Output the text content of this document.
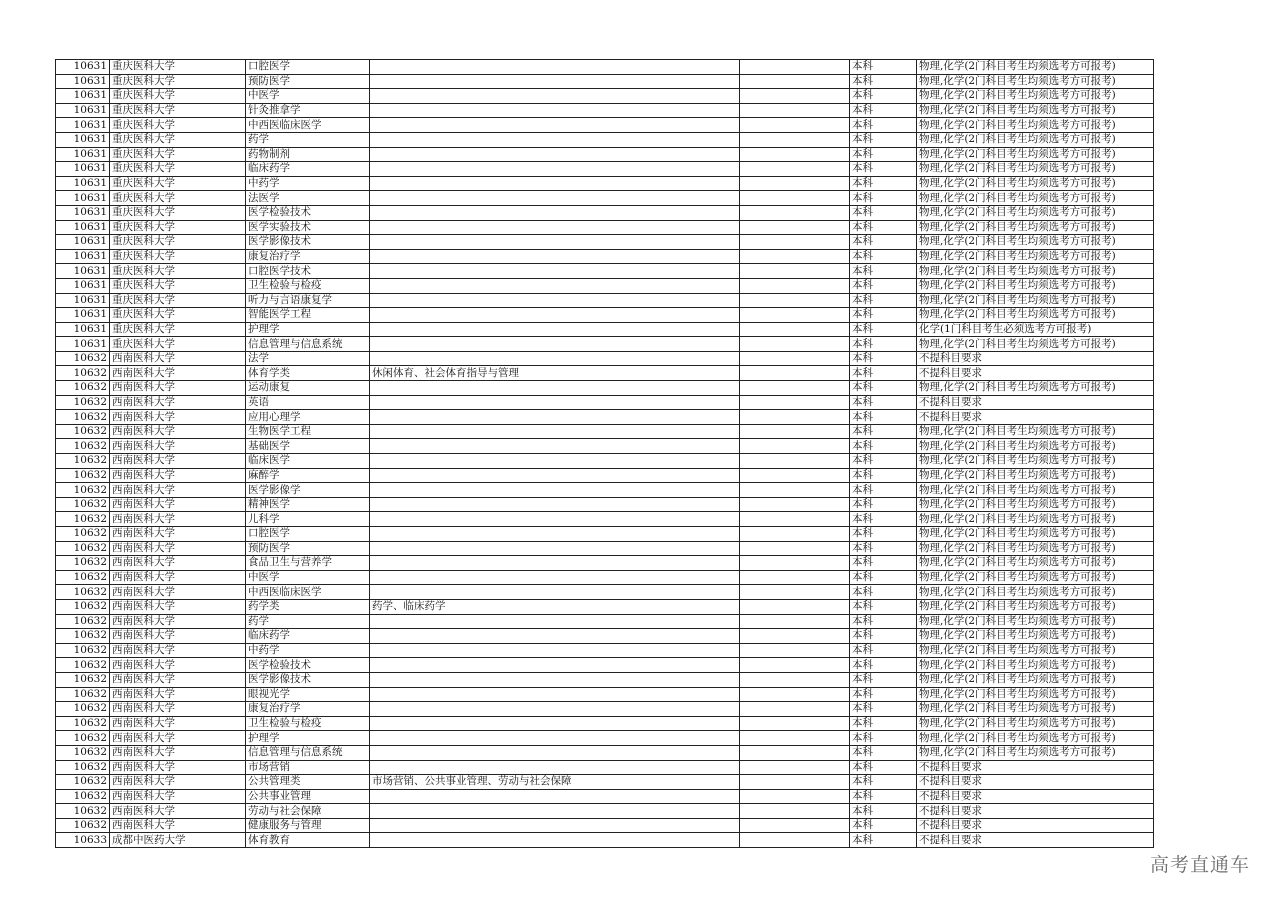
10631	重庆医科大学	口腔医学			本科	物理,化学(2门科目考生均须选考方可报考)
10631	重庆医科大学	预防医学			本科	物理,化学(2门科目考生均须选考方可报考)
10631	重庆医科大学	中医学			本科	物理,化学(2门科目考生均须选考方可报考)
10631	重庆医科大学	针灸推拿学			本科	物理,化学(2门科目考生均须选考方可报考)
10631	重庆医科大学	中西医临床医学			本科	物理,化学(2门科目考生均须选考方可报考)
10631	重庆医科大学	药学			本科	物理,化学(2门科目考生均须选考方可报考)
10631	重庆医科大学	药物制剂			本科	物理,化学(2门科目考生均须选考方可报考)
10631	重庆医科大学	临床药学			本科	物理,化学(2门科目考生均须选考方可报考)
10631	重庆医科大学	中药学			本科	物理,化学(2门科目考生均须选考方可报考)
10631	重庆医科大学	法医学			本科	物理,化学(2门科目考生均须选考方可报考)
10631	重庆医科大学	医学检验技术			本科	物理,化学(2门科目考生均须选考方可报考)
10631	重庆医科大学	医学实验技术			本科	物理,化学(2门科目考生均须选考方可报考)
10631	重庆医科大学	医学影像技术			本科	物理,化学(2门科目考生均须选考方可报考)
10631	重庆医科大学	康复治疗学			本科	物理,化学(2门科目考生均须选考方可报考)
10631	重庆医科大学	口腔医学技术			本科	物理,化学(2门科目考生均须选考方可报考)
10631	重庆医科大学	卫生检验与检疫			本科	物理,化学(2门科目考生均须选考方可报考)
10631	重庆医科大学	听力与言语康复学			本科	物理,化学(2门科目考生均须选考方可报考)
10631	重庆医科大学	智能医学工程			本科	物理,化学(2门科目考生均须选考方可报考)
10631	重庆医科大学	护理学			本科	化学(1门科目考生必须选考方可报考)
10631	重庆医科大学	信息管理与信息系统			本科	物理,化学(2门科目考生均须选考方可报考)
10632	西南医科大学	法学			本科	不提科目要求
10632	西南医科大学	体育学类	休闲体育、社会体育指导与管理		本科	不提科目要求
10632	西南医科大学	运动康复			本科	物理,化学(2门科目考生均须选考方可报考)
10632	西南医科大学	英语			本科	不提科目要求
10632	西南医科大学	应用心理学			本科	不提科目要求
10632	西南医科大学	生物医学工程			本科	物理,化学(2门科目考生均须选考方可报考)
10632	西南医科大学	基础医学			本科	物理,化学(2门科目考生均须选考方可报考)
10632	西南医科大学	临床医学			本科	物理,化学(2门科目考生均须选考方可报考)
10632	西南医科大学	麻醉学			本科	物理,化学(2门科目考生均须选考方可报考)
10632	西南医科大学	医学影像学			本科	物理,化学(2门科目考生均须选考方可报考)
10632	西南医科大学	精神医学			本科	物理,化学(2门科目考生均须选考方可报考)
10632	西南医科大学	儿科学			本科	物理,化学(2门科目考生均须选考方可报考)
10632	西南医科大学	口腔医学			本科	物理,化学(2门科目考生均须选考方可报考)
10632	西南医科大学	预防医学			本科	物理,化学(2门科目考生均须选考方可报考)
10632	西南医科大学	食品卫生与营养学			本科	物理,化学(2门科目考生均须选考方可报考)
10632	西南医科大学	中医学			本科	物理,化学(2门科目考生均须选考方可报考)
10632	西南医科大学	中西医临床医学			本科	物理,化学(2门科目考生均须选考方可报考)
10632	西南医科大学	药学类	药学、临床药学		本科	物理,化学(2门科目考生均须选考方可报考)
10632	西南医科大学	药学			本科	物理,化学(2门科目考生均须选考方可报考)
10632	西南医科大学	临床药学			本科	物理,化学(2门科目考生均须选考方可报考)
10632	西南医科大学	中药学			本科	物理,化学(2门科目考生均须选考方可报考)
10632	西南医科大学	医学检验技术			本科	物理,化学(2门科目考生均须选考方可报考)
10632	西南医科大学	医学影像技术			本科	物理,化学(2门科目考生均须选考方可报考)
10632	西南医科大学	眼视光学			本科	物理,化学(2门科目考生均须选考方可报考)
10632	西南医科大学	康复治疗学			本科	物理,化学(2门科目考生均须选考方可报考)
10632	西南医科大学	卫生检验与检疫			本科	物理,化学(2门科目考生均须选考方可报考)
10632	西南医科大学	护理学			本科	物理,化学(2门科目考生均须选考方可报考)
10632	西南医科大学	信息管理与信息系统			本科	物理,化学(2门科目考生均须选考方可报考)
10632	西南医科大学	市场营销			本科	不提科目要求
10632	西南医科大学	公共管理类	市场营销、公共事业管理、劳动与社会保障		本科	不提科目要求
10632	西南医科大学	公共事业管理			本科	不提科目要求
10632	西南医科大学	劳动与社会保障			本科	不提科目要求
10632	西南医科大学	健康服务与管理			本科	不提科目要求
10633	成都中医药大学	体育教育			本科	不提科目要求
高考直通车
